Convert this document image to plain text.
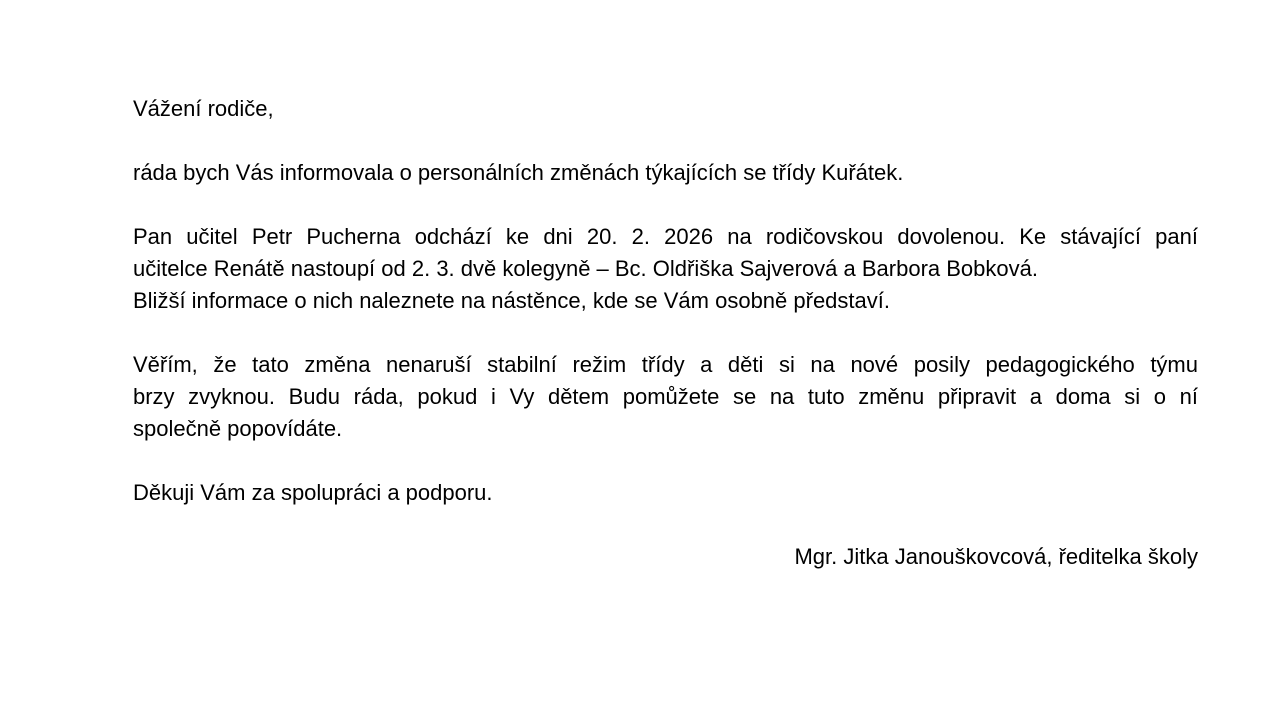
Vážení rodiče,

ráda bych Vás informovala o personálních změnách týkajících se třídy Kuřátek.

Pan učitel Petr Pucherna odchází ke dni 20. 2. 2026 na rodičovskou dovolenou. Ke stávající paní
učitelce Renátě nastoupí od 2. 3. dvě kolegyně – Bc. Oldřiška Sajverová a Barbora Bobková.
Bližší informace o nich naleznete na nástěnce, kde se Vám osobně představí.

Věřím, že tato změna nenaruší stabilní režim třídy a děti si na nové posily pedagogického týmu
brzy zvyknou. Budu ráda, pokud i Vy dětem pomůžete se na tuto změnu připravit a doma si o ní
společně popovídáte.

Děkuji Vám za spolupráci a podporu.

Mgr. Jitka Janouškovcová, ředitelka školy
